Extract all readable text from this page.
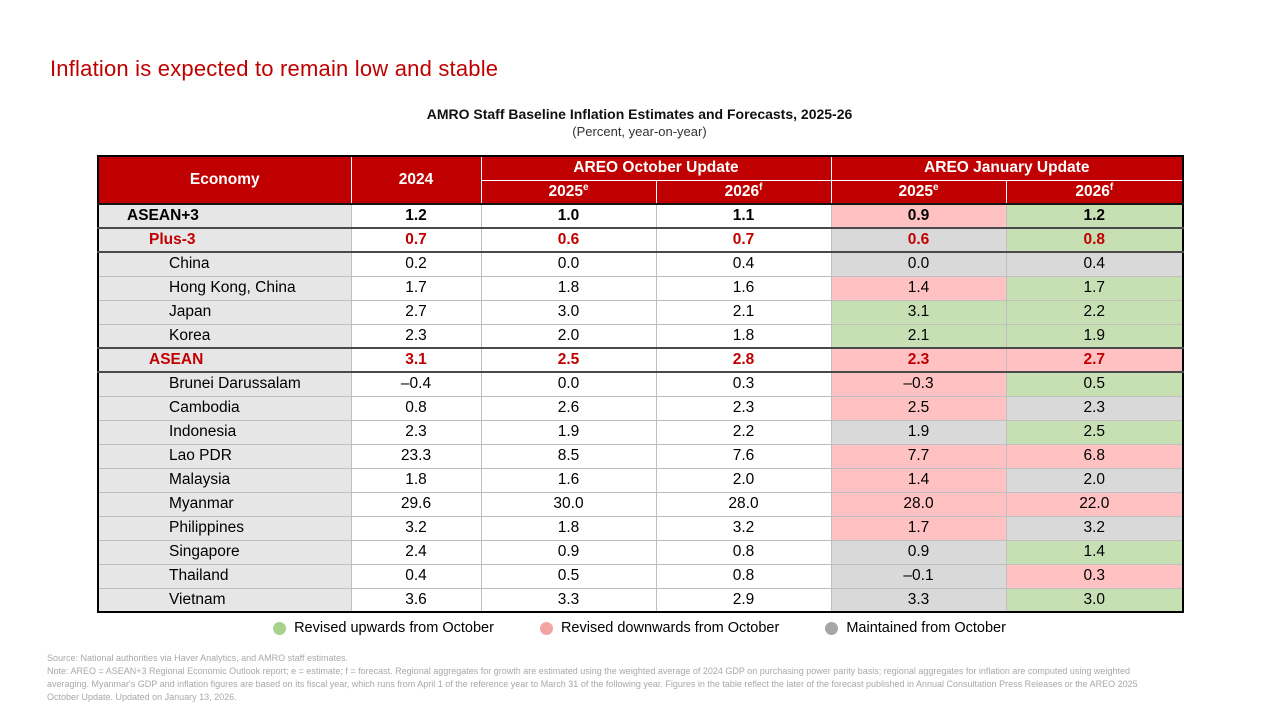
Inflation is expected to remain low and stable
AMRO Staff Baseline Inflation Estimates and Forecasts, 2025-26
(Percent, year-on-year)
Economy	2024	AREO October Update		AREO January Update	
		2025e	2026$^f$	2025e	2026$^f$
ASEAN+3	1.2	1.0	1.1	0.9	1.2
Plus-3	0.7	0.6	0.7	0.6	0.8
China	0.2	0.0	0.4	0.0	0.4
Hong Kong, China	1.7	1.8	1.6	1.4	1.7
Japan	2.7	3.0	2.1	3.1	2.2
Korea	2.3	2.0	1.8	2.1	1.9
ASEAN	3.1	2.5	2.8	2.3	2.7
Brunei Darussalam	–0.4	0.0	0.3	–0.3	0.5
Cambodia	0.8	2.6	2.3	2.5	2.3
Indonesia	2.3	1.9	2.2	1.9	2.5
Lao PDR	23.3	8.5	7.6	7.7	6.8
Malaysia	1.8	1.6	2.0	1.4	2.0
Myanmar	29.6	30.0	28.0	28.0	22.0
Philippines	3.2	1.8	3.2	1.7	3.2
Singapore	2.4	0.9	0.8	0.9	1.4
Thailand	0.4	0.5	0.8	–0.1	0.3
Vietnam	3.6	3.3	2.9	3.3	3.0
Revised upwards from October	Revised downwards from October	Maintained from October
Source: National authorities via Haver Analytics, and AMRO staff estimates.
Note: AREO = ASEAN+3 Regional Economic Outlook report; e = estimate; f = forecast. Regional aggregates for growth are estimated using the weighted average of 2024 GDP on purchasing power parity basis; regional aggregates for inflation are computed using weighted
averaging. Myanmar's GDP and inflation figures are based on its fiscal year, which runs from April 1 of the reference year to March 31 of the following year. Figures in the table reflect the later of the forecast published in Annual Consultation Press Releases or the AREO 2025
October Update. Updated on January 13, 2026.
